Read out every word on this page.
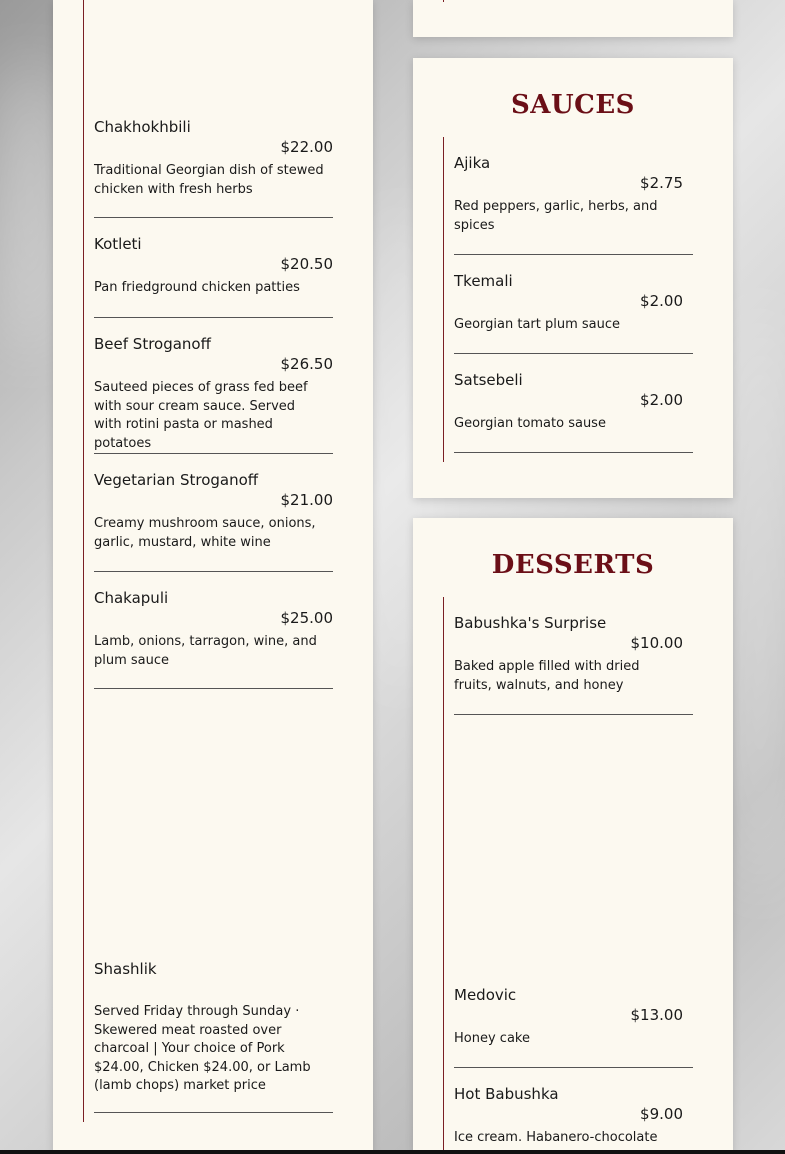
Chakhokhbili
$22.00
Traditional Georgian dish of stewed chicken with fresh herbs
Kotleti
$20.50
Pan friedground chicken patties
Beef Stroganoff
$26.50
Sauteed pieces of grass fed beef with sour cream sauce. Served with rotini pasta or mashed potatoes
Vegetarian Stroganoff
$21.00
Creamy mushroom sauce, onions, garlic, mustard, white wine
Chakapuli
$25.00
Lamb, onions, tarragon, wine, and plum sauce
Shashlik
Served Friday through Sunday · Skewered meat roasted over charcoal | Your choice of Pork $24.00, Chicken $24.00, or Lamb (lamb chops) market price
SAUCES
Ajika
$2.75
Red peppers, garlic, herbs, and spices
Tkemali
$2.00
Georgian tart plum sauce
Satsebeli
$2.00
Georgian tomato sause
DESSERTS
Babushka's Surprise
$10.00
Baked apple filled with dried fruits, walnuts, and honey
Medovic
$13.00
Honey cake
Hot Babushka
$9.00
Ice cream. Habanero-chocolate
